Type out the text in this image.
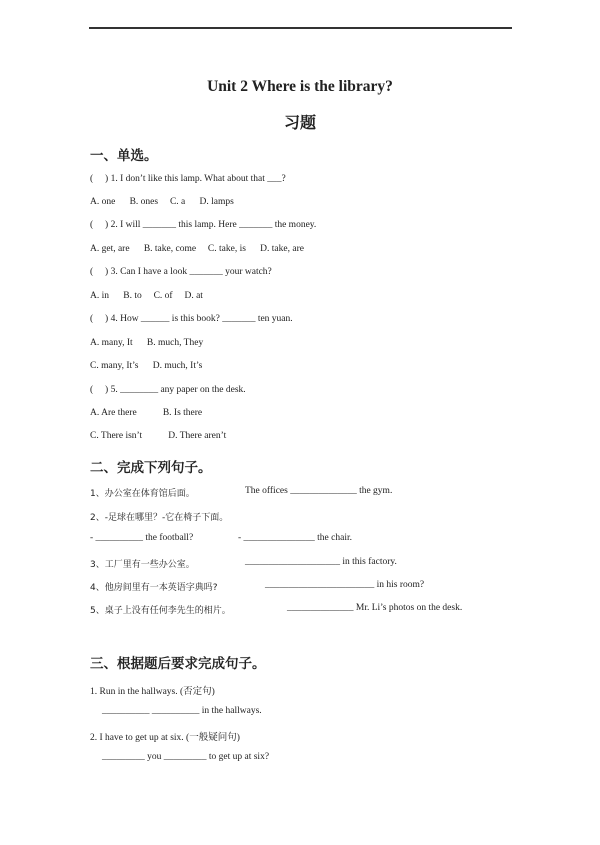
Unit 2 Where is the library?
习题
一、单选。
(     ) 1. I don’t like this lamp. What about that ___?
A. one      B. ones     C. a      D. lamps
(     ) 2. I will _______ this lamp. Here _______ the money.
A. get, are      B. take, come     C. take, is      D. take, are
(     ) 3. Can I have a look _______ your watch?
A. in      B. to     C. of     D. at
(     ) 4. How ______ is this book? _______ ten yuan.
A. many, It      B. much, They
C. many, It’s      D. much, It’s
(     ) 5. ________ any paper on the desk.
A. Are there           B. Is there
C. There isn’t           D. There aren’t
二、完成下列句子。
1、办公室在体育馆后面。	The offices ______________ the gym.
2、-足球在哪里？-它在椅子下面。
- __________ the football?	- _______________ the chair.
3、工厂里有一些办公室。	____________________ in this factory.
4、他房间里有一本英语字典吗?	_______________________ in his room?
5、桌子上没有任何李先生的相片。	______________ Mr. Li’s photos on the desk.
三、根据题后要求完成句子。
1. Run in the hallways. (否定句)
__________ __________ in the hallways.
2. I have to get up at six. (一般疑问句)
_________ you _________ to get up at six?
